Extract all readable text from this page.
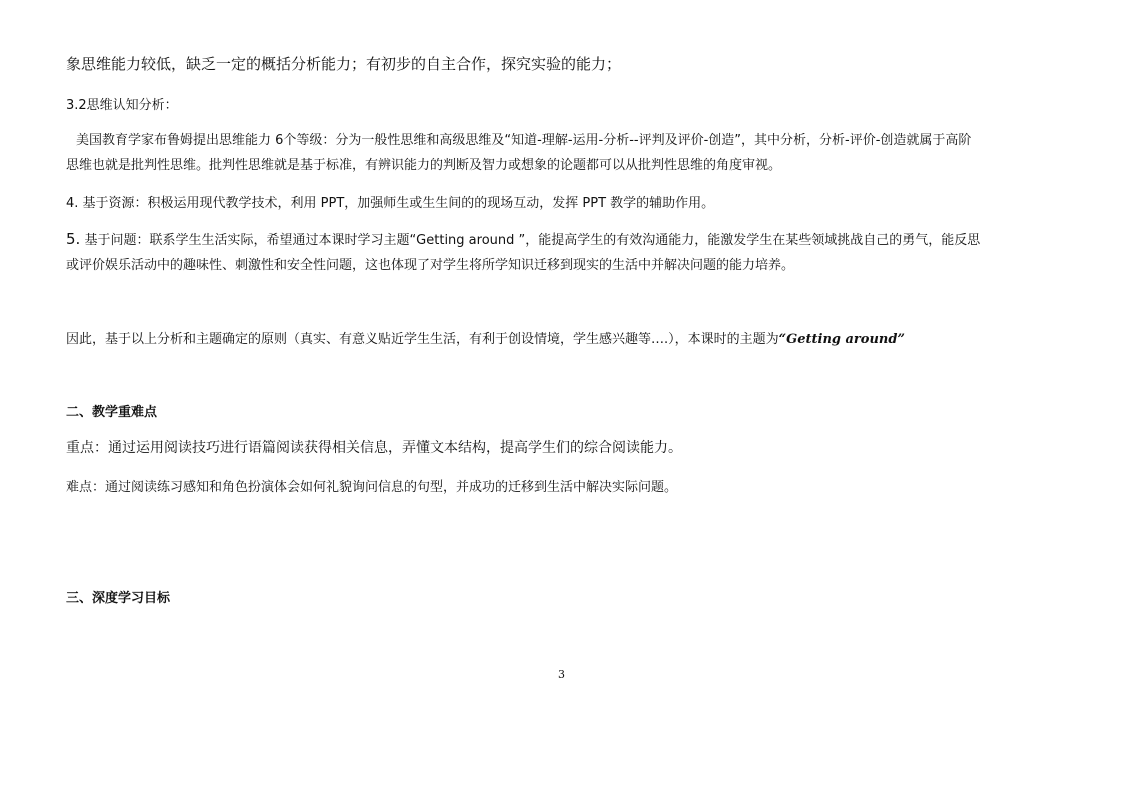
象思维能力较低，缺乏一定的概括分析能力；有初步的自主合作，探究实验的能力；
3.2思维认知分析：
美国教育学家布鲁姆提出思维能力 6个等级：分为一般性思维和高级思维及“知道-理解-运用-分析--评判及评价-创造”，其中分析，分析-评价-创造就属于高阶
思维也就是批判性思维。批判性思维就是基于标准，有辨识能力的判断及智力或想象的论题都可以从批判性思维的角度审视。
4. 基于资源：积极运用现代教学技术，利用 PPT，加强师生或生生间的的现场互动，发挥 PPT 教学的辅助作用。
5. 基于问题：联系学生生活实际，希望通过本课时学习主题“Getting around ”，能提高学生的有效沟通能力，能激发学生在某些领域挑战自己的勇气，能反思
或评价娱乐活动中的趣味性、刺激性和安全性问题，这也体现了对学生将所学知识迁移到现实的生活中并解决问题的能力培养。
因此，基于以上分析和主题确定的原则（真实、有意义贴近学生生活，有利于创设情境，学生感兴趣等….），本课时的主题为“Getting around”
二、教学重难点
重点：通过运用阅读技巧进行语篇阅读获得相关信息，弄懂文本结构，提高学生们的综合阅读能力。
难点：通过阅读练习感知和角色扮演体会如何礼貌询问信息的句型，并成功的迁移到生活中解决实际问题。
三、深度学习目标
3
